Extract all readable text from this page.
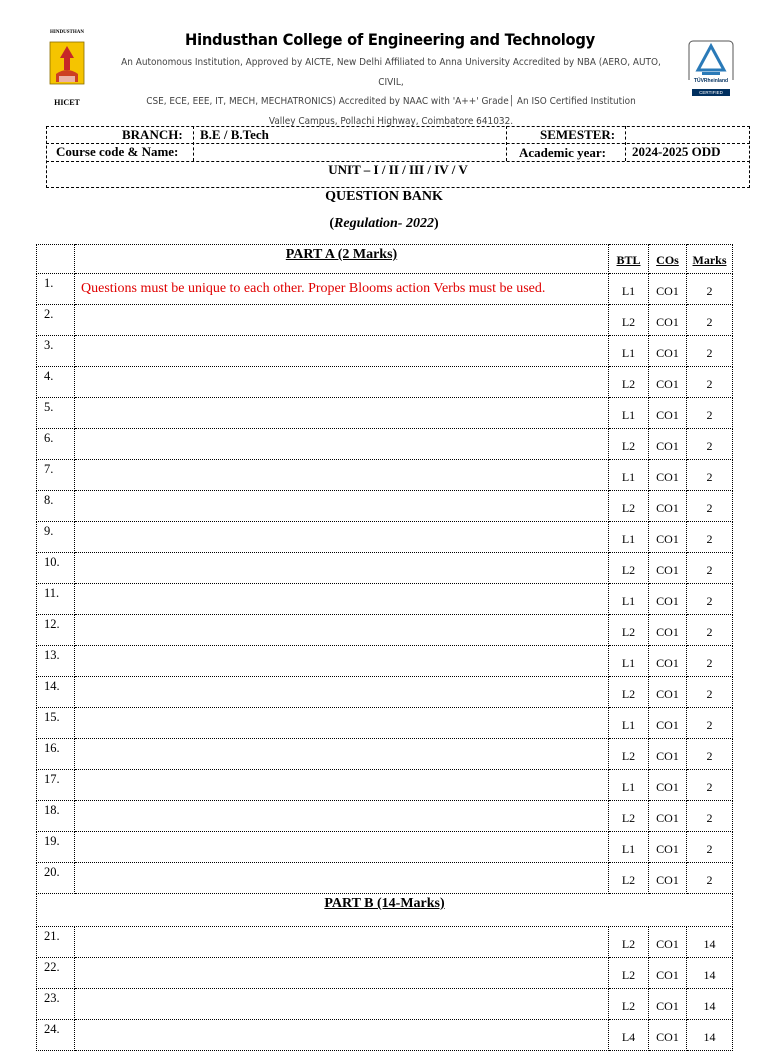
HINDUSTHAN
HICET
Hindusthan College of Engineering and Technology
An Autonomous Institution, Approved by AICTE, New Delhi Affiliated to Anna University Accredited by NBA (AERO, AUTO, CIVIL,
CSE, ECE, EEE, IT, MECH, MECHATRONICS) Accredited by NAAC with 'A++' Grade│ An ISO Certified Institution
Valley Campus, Pollachi Highway, Coimbatore 641032.
TÜVRheinland
CERTIFIED
BRANCH: B.E / B.Tech	SEMESTER:
Course code & Name:	Academic year: 2024-2025 ODD
UNIT – I / II / III / IV / V
QUESTION BANK
(Regulation- 2022)
	PART A (2 Marks)	BTL	COs	Marks
1.	Questions must be unique to each other. Proper Blooms action Verbs must be used.	L1	CO1	2
2.		L2	CO1	2
3.		L1	CO1	2
4.		L2	CO1	2
5.		L1	CO1	2
6.		L2	CO1	2
7.		L1	CO1	2
8.		L2	CO1	2
9.		L1	CO1	2
10.		L2	CO1	2
11.		L1	CO1	2
12.		L2	CO1	2
13.		L1	CO1	2
14.		L2	CO1	2
15.		L1	CO1	2
16.		L2	CO1	2
17.		L1	CO1	2
18.		L2	CO1	2
19.		L1	CO1	2
20.		L2	CO1	2
PART B (14-Marks)				
21.		L2	CO1	14
22.		L2	CO1	14
23.		L2	CO1	14
24.		L4	CO1	14
